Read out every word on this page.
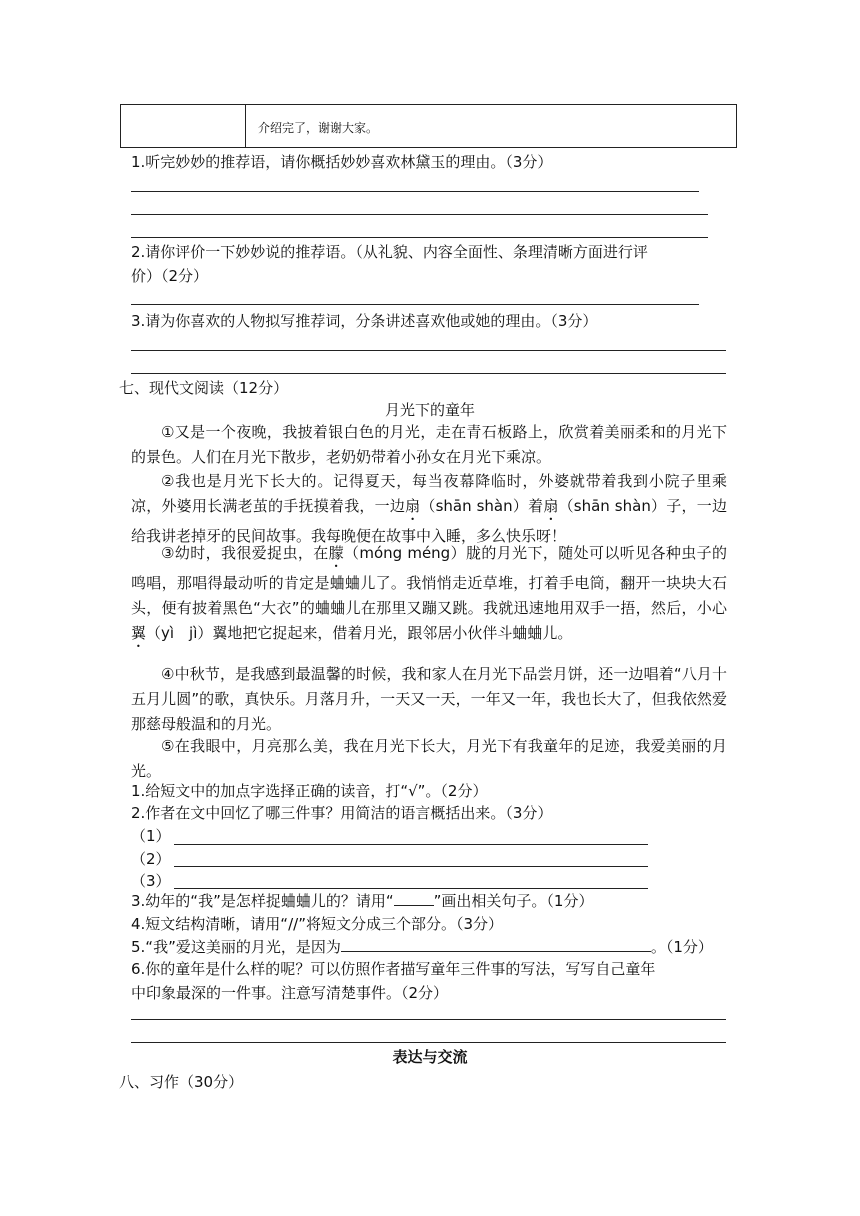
介绍完了，谢谢大家。
1.听完妙妙的推荐语，请你概括妙妙喜欢林黛玉的理由。（3分）
2.请你评价一下妙妙说的推荐语。（从礼貌、内容全面性、条理清晰方面进行评
价）（2分）
3.请为你喜欢的人物拟写推荐词，分条讲述喜欢他或她的理由。（3分）
七、现代文阅读（12分）
月光下的童年
①又是一个夜晚，我披着银白色的月光，走在青石板路上，欣赏着美丽柔和的月光下的景色。人们在月光下散步，老奶奶带着小孙女在月光下乘凉。
②我也是月光下长大的。记得夏天，每当夜幕降临时，外婆就带着我到小院子里乘凉，外婆用长满老茧的手抚摸着我，一边扇（shān shàn）着扇（shān shàn）子，一边给我讲老掉牙的民间故事。我每晚便在故事中入睡，多么快乐呀！
③幼时，我很爱捉虫，在朦（móng méng）胧的月光下，随处可以听见各种虫子的鸣唱，那唱得最动听的肯定是蛐蛐儿了。我悄悄走近草堆，打着手电筒，翻开一块块大石头，便有披着黑色“大衣”的蛐蛐儿在那里又蹦又跳。我就迅速地用双手一捂，然后，小心翼（yì　jì）翼地把它捉起来，借着月光，跟邻居小伙伴斗蛐蛐儿。
④中秋节，是我感到最温馨的时候，我和家人在月光下品尝月饼，还一边唱着“八月十五月儿圆”的歌，真快乐。月落月升，一天又一天，一年又一年，我也长大了，但我依然爱那慈母般温和的月光。
⑤在我眼中，月亮那么美，我在月光下长大，月光下有我童年的足迹，我爱美丽的月光。
1.给短文中的加点字选择正确的读音，打“√”。（2分）
2.作者在文中回忆了哪三件事？用简洁的语言概括出来。（3分）
（1）
（2）
（3）
3.幼年的“我”是怎样捉蛐蛐儿的？请用“	”画出相关句子。（1分）
4.短文结构清晰，请用“//”将短文分成三个部分。（3分）
5.“我”爱这美丽的月光，是因为	。（1分）
6.你的童年是什么样的呢？可以仿照作者描写童年三件事的写法，写写自己童年
中印象最深的一件事。注意写清楚事件。（2分）
表达与交流
八、习作（30分）
